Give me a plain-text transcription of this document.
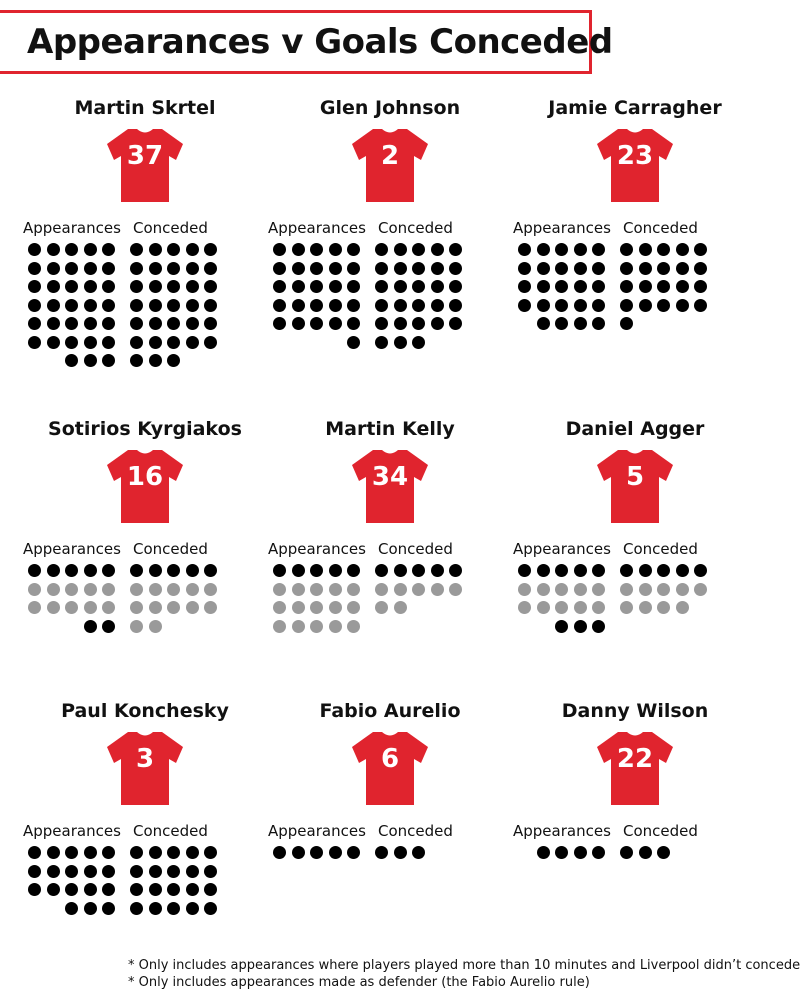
Appearances v Goals Conceded
Martin Skrtel
37
Appearances Conceded
Glen Johnson
2
Appearances Conceded
Jamie Carragher
23
Appearances Conceded
Sotirios Kyrgiakos
16
Appearances Conceded
Martin Kelly
34
Appearances Conceded
Daniel Agger
5
Appearances Conceded
Paul Konchesky
3
Appearances Conceded
Fabio Aurelio
6
Appearances Conceded
Danny Wilson
22
Appearances Conceded
* Only includes appearances where players played more than 10 minutes and Liverpool didn’t concede
* Only includes appearances made as defender (the Fabio Aurelio rule)
